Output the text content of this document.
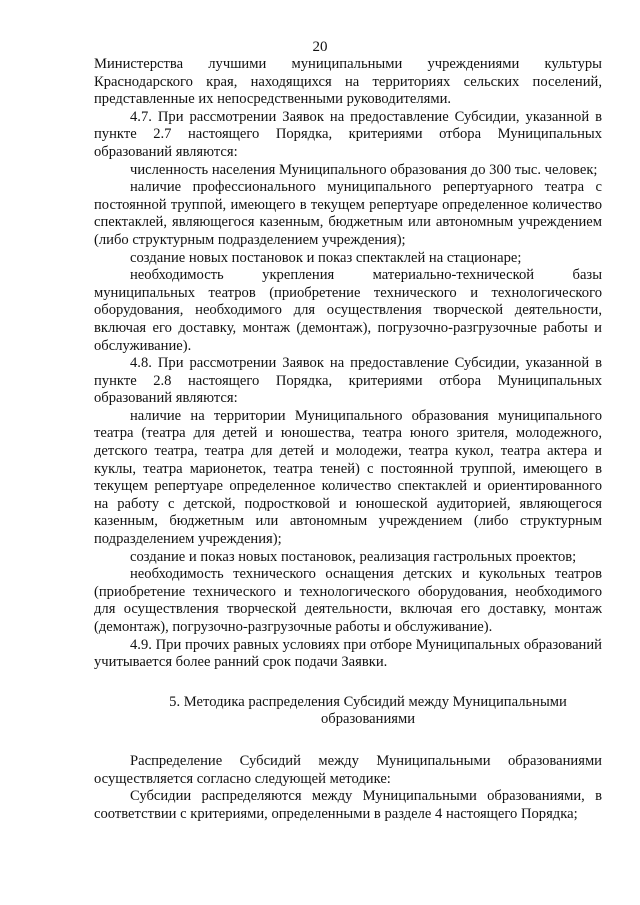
20

Министерства лучшими муниципальными учреждениями культуры Краснодарского края, находящихся на территориях сельских поселений, представленные их непосредственными руководителями.

4.7. При рассмотрении Заявок на предоставление Субсидии, указанной в пункте 2.7 настоящего Порядка, критериями отбора Муниципальных образований являются:

численность населения Муниципального образования до 300 тыс. человек;

наличие профессионального муниципального репертуарного театра с постоянной труппой, имеющего в текущем репертуаре определенное количество спектаклей, являющегося казенным, бюджетным или автономным учреждением (либо структурным подразделением учреждения);

создание новых постановок и показ спектаклей на стационаре;

необходимость укрепления материально-технической базы муниципальных театров (приобретение технического и технологического оборудования, необходимого для осуществления творческой деятельности, включая его доставку, монтаж (демонтаж), погрузочно-разгрузочные работы и обслуживание).

4.8. При рассмотрении Заявок на предоставление Субсидии, указанной в пункте 2.8 настоящего Порядка, критериями отбора Муниципальных образований являются:

наличие на территории Муниципального образования муниципального театра (театра для детей и юношества, театра юного зрителя, молодежного, детского театра, театра для детей и молодежи, театра кукол, театра актера и куклы, театра марионеток, театра теней) с постоянной труппой, имеющего в текущем репертуаре определенное количество спектаклей и ориентированного на работу с детской, подростковой и юношеской аудиторией, являющегося казенным, бюджетным или автономным учреждением (либо структурным подразделением учреждения);

создание и показ новых постановок, реализация гастрольных проектов;

необходимость технического оснащения детских и кукольных театров (приобретение технического и технологического оборудования, необходимого для осуществления творческой деятельности, включая его доставку, монтаж (демонтаж), погрузочно-разгрузочные работы и обслуживание).

4.9. При прочих равных условиях при отборе Муниципальных образований учитывается более ранний срок подачи Заявки.

5. Методика распределения Субсидий между Муниципальными образованиями

Распределение Субсидий между Муниципальными образованиями осуществляется согласно следующей методике:

Субсидии распределяются между Муниципальными образованиями, в соответствии с критериями, определенными в разделе 4 настоящего Порядка;
